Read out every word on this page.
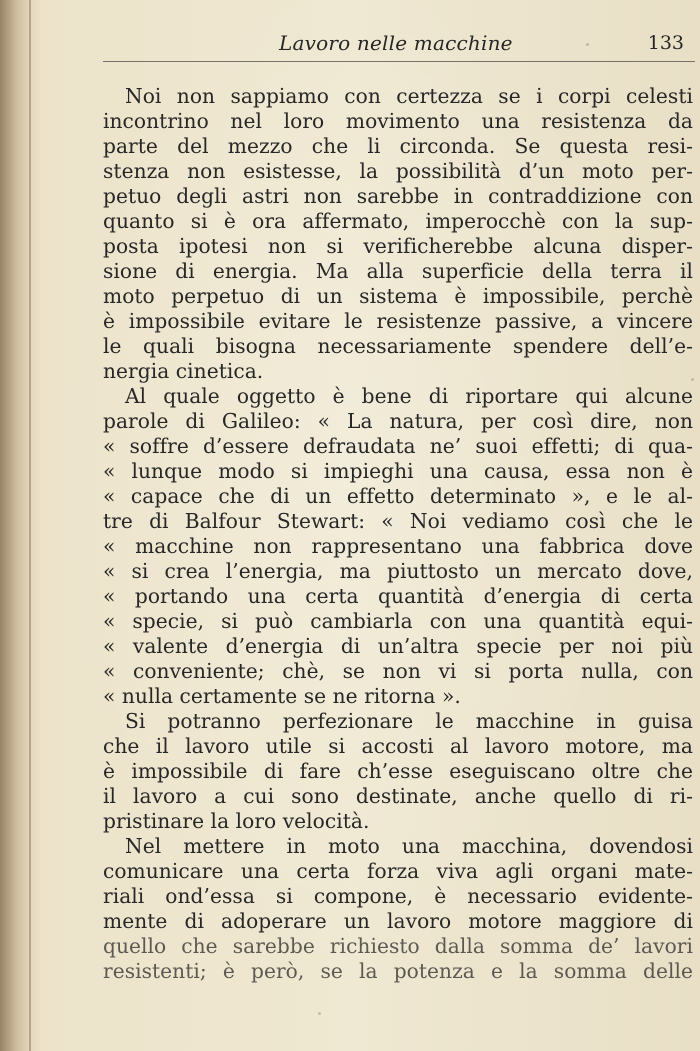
Lavoro nelle macchine	133
Noi non sappiamo con certezza se i corpi celesti
incontrino nel loro movimento una resistenza da
parte del mezzo che li circonda. Se questa resi-
stenza non esistesse, la possibilità d’un moto per-
petuo degli astri non sarebbe in contraddizione con
quanto si è ora affermato, imperocchè con la sup-
posta ipotesi non si verificherebbe alcuna disper-
sione di energia. Ma alla superficie della terra il
moto perpetuo di un sistema è impossibile, perchè
è impossibile evitare le resistenze passive, a vincere
le quali bisogna necessariamente spendere dell’e-
nergia cinetica.
Al quale oggetto è bene di riportare qui alcune
parole di Galileo: « La natura, per così dire, non
« soffre d’essere defraudata ne’ suoi effetti; di qua-
« lunque modo si impieghi una causa, essa non è
« capace che di un effetto determinato », e le al-
tre di Balfour Stewart: « Noi vediamo così che le
« macchine non rappresentano una fabbrica dove
« si crea l’energia, ma piuttosto un mercato dove,
« portando una certa quantità d’energia di certa
« specie, si può cambiarla con una quantità equi-
« valente d’energia di un’altra specie per noi più
« conveniente; chè, se non vi si porta nulla, con
« nulla certamente se ne ritorna ».
Si potranno perfezionare le macchine in guisa
che il lavoro utile si accosti al lavoro motore, ma
è impossibile di fare ch’esse eseguiscano oltre che
il lavoro a cui sono destinate, anche quello di ri-
pristinare la loro velocità.
Nel mettere in moto una macchina, dovendosi
comunicare una certa forza viva agli organi mate-
riali ond’essa si compone, è necessario evidente-
mente di adoperare un lavoro motore maggiore di
quello che sarebbe richiesto dalla somma de’ lavori
resistenti; è però, se la potenza e la somma delle
